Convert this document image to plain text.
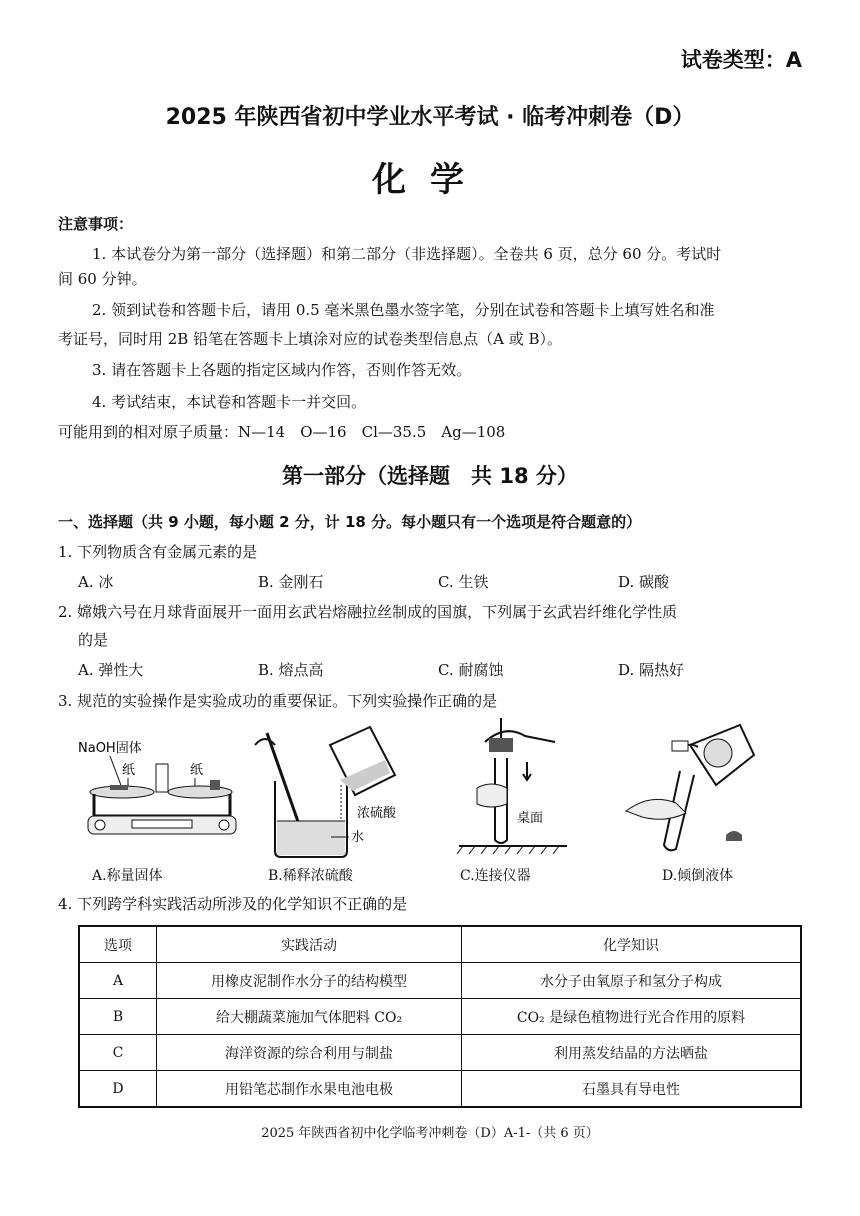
试卷类型：A
2025 年陕西省初中学业水平考试 · 临考冲刺卷（D）
化学
注意事项：
1. 本试卷分为第一部分（选择题）和第二部分（非选择题）。全卷共 6 页，总分 60 分。考试时
间 60 分钟。
2. 领到试卷和答题卡后，请用 0.5 毫米黑色墨水签字笔，分别在试卷和答题卡上填写姓名和准
考证号，同时用 2B 铅笔在答题卡上填涂对应的试卷类型信息点（A 或 B）。
3. 请在答题卡上各题的指定区域内作答，否则作答无效。
4. 考试结束，本试卷和答题卡一并交回。
可能用到的相对原子质量：N—14　O—16　Cl—35.5　Ag—108
第一部分（选择题　共 18 分）
一、选择题（共 9 小题，每小题 2 分，计 18 分。每小题只有一个选项是符合题意的）
1. 下列物质含有金属元素的是
A. 冰	B. 金刚石	C. 生铁	D. 碳酸
2. 嫦娥六号在月球背面展开一面用玄武岩熔融拉丝制成的国旗，下列属于玄武岩纤维化学性质
的是
A. 弹性大	B. 熔点高	C. 耐腐蚀	D. 隔热好
3. 规范的实验操作是实验成功的重要保证。下列实验操作正确的是
NaOH固体
纸	纸
A.称量固体
浓硫酸
水
B.稀释浓硫酸
桌面
C.连接仪器	D.倾倒液体
4. 下列跨学科实践活动所涉及的化学知识不正确的是
选项	实践活动	化学知识
A	用橡皮泥制作水分子的结构模型	水分子由氧原子和氢分子构成
B	给大棚蔬菜施加气体肥料 CO₂	CO₂ 是绿色植物进行光合作用的原料
C	海洋资源的综合利用与制盐	利用蒸发结晶的方法晒盐
D	用铅笔芯制作水果电池电极	石墨具有导电性
2025 年陕西省初中化学临考冲刺卷（D）A-1-（共 6 页）
